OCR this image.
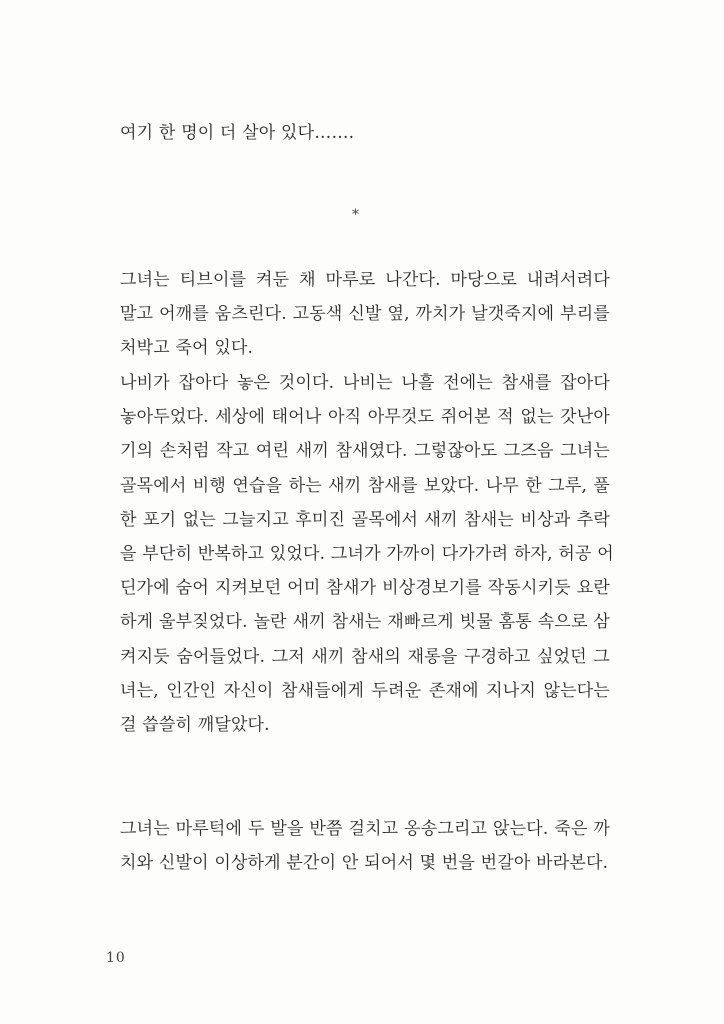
여기 한 명이 더 살아 있다…….

*

그녀는 티브이를 켜둔 채 마루로 나간다. 마당으로 내려서려다
말고 어깨를 움츠린다. 고동색 신발 옆, 까치가 날갯죽지에 부리를
처박고 죽어 있다.

나비가 잡아다 놓은 것이다. 나비는 나흘 전에는 참새를 잡아다
놓아두었다. 세상에 태어나 아직 아무것도 쥐어본 적 없는 갓난아
기의 손처럼 작고 여린 새끼 참새였다. 그렇잖아도 그즈음 그녀는
골목에서 비행 연습을 하는 새끼 참새를 보았다. 나무 한 그루, 풀
한 포기 없는 그늘지고 후미진 골목에서 새끼 참새는 비상과 추락
을 부단히 반복하고 있었다. 그녀가 가까이 다가가려 하자, 허공 어
딘가에 숨어 지켜보던 어미 참새가 비상경보기를 작동시키듯 요란
하게 울부짖었다. 놀란 새끼 참새는 재빠르게 빗물 홈통 속으로 삼
켜지듯 숨어들었다. 그저 새끼 참새의 재롱을 구경하고 싶었던 그
녀는, 인간인 자신이 참새들에게 두려운 존재에 지나지 않는다는
걸 씁쓸히 깨달았다.

그녀는 마루턱에 두 발을 반쯤 걸치고 옹송그리고 앉는다. 죽은 까
치와 신발이 이상하게 분간이 안 되어서 몇 번을 번갈아 바라본다.

10
